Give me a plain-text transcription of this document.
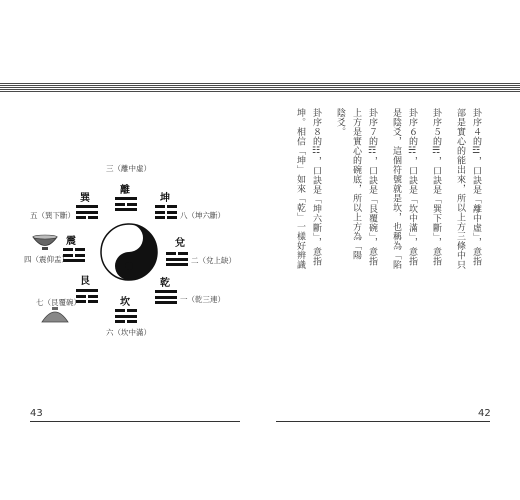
三（離中虛）
離
坤
八（坤六斷）
兌
二（兌上缺）
乾
一（乾三連）
坎
六（坎中滿）
艮
七（艮覆碗）
震
四（震仰盂）
巽
五（巽下斷）
43
卦序４的☲，口訣是「離中虛」，意指
部是實心的能出來，所以上方三條中只
卦序５的☴，口訣是「巽下斷」，意指
卦序６的☵，口訣是「坎中滿」，意指
是陰爻，這個符號就是坎，也稱為「陷
卦序７的☶，口訣是「艮覆碗」，意指
上方是實心的碗底，所以上方為「陽
陰爻。
卦序８的☷，口訣是「坤六斷」，意指
坤。相信「坤」如來「乾」一樣好辨識
42
